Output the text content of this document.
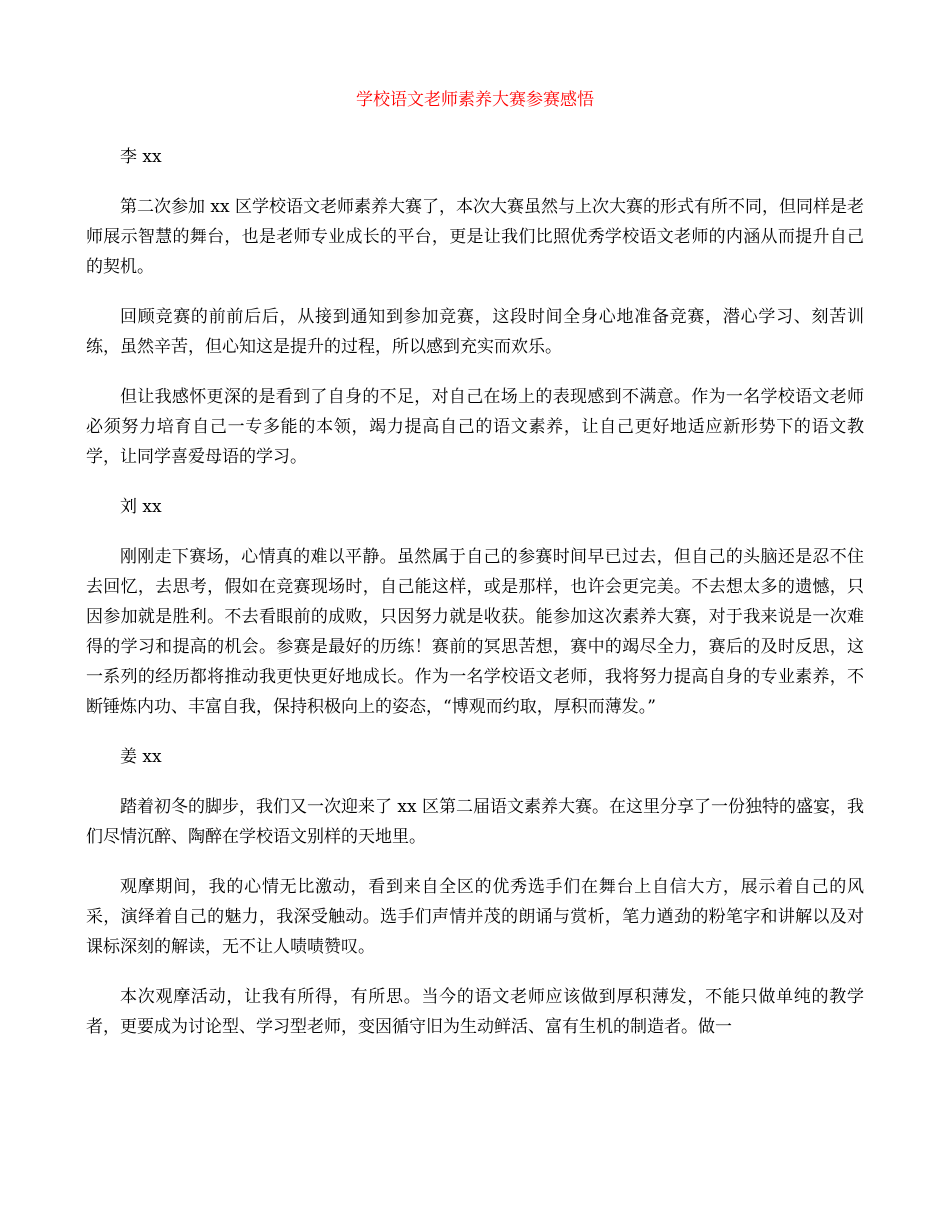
学校语文老师素养大赛参赛感悟

李 xx

第二次参加 xx 区学校语文老师素养大赛了，本次大赛虽然与上次大赛的形式有所不同，但同样是老师展示智慧的舞台，也是老师专业成长的平台，更是让我们比照优秀学校语文老师的内涵从而提升自己的契机。

回顾竞赛的前前后后，从接到通知到参加竞赛，这段时间全身心地准备竞赛，潜心学习、刻苦训练，虽然辛苦，但心知这是提升的过程，所以感到充实而欢乐。

但让我感怀更深的是看到了自身的不足，对自己在场上的表现感到不满意。作为一名学校语文老师必须努力培育自己一专多能的本领，竭力提高自己的语文素养，让自己更好地适应新形势下的语文教学，让同学喜爱母语的学习。

刘 xx

刚刚走下赛场，心情真的难以平静。虽然属于自己的参赛时间早已过去，但自己的头脑还是忍不住去回忆，去思考，假如在竞赛现场时，自己能这样，或是那样，也许会更完美。不去想太多的遗憾，只因参加就是胜利。不去看眼前的成败，只因努力就是收获。能参加这次素养大赛，对于我来说是一次难得的学习和提高的机会。参赛是最好的历练！赛前的冥思苦想，赛中的竭尽全力，赛后的及时反思，这一系列的经历都将推动我更快更好地成长。作为一名学校语文老师，我将努力提高自身的专业素养，不断锤炼内功、丰富自我，保持积极向上的姿态，“博观而约取，厚积而薄发。”

姜 xx

踏着初冬的脚步，我们又一次迎来了 xx 区第二届语文素养大赛。在这里分享了一份独特的盛宴，我们尽情沉醉、陶醉在学校语文别样的天地里。

观摩期间，我的心情无比激动，看到来自全区的优秀选手们在舞台上自信大方，展示着自己的风采，演绎着自己的魅力，我深受触动。选手们声情并茂的朗诵与赏析，笔力遒劲的粉笔字和讲解以及对课标深刻的解读，无不让人啧啧赞叹。

本次观摩活动，让我有所得，有所思。当今的语文老师应该做到厚积薄发，不能只做单纯的教学者，更要成为讨论型、学习型老师，变因循守旧为生动鲜活、富有生机的制造者。做一
